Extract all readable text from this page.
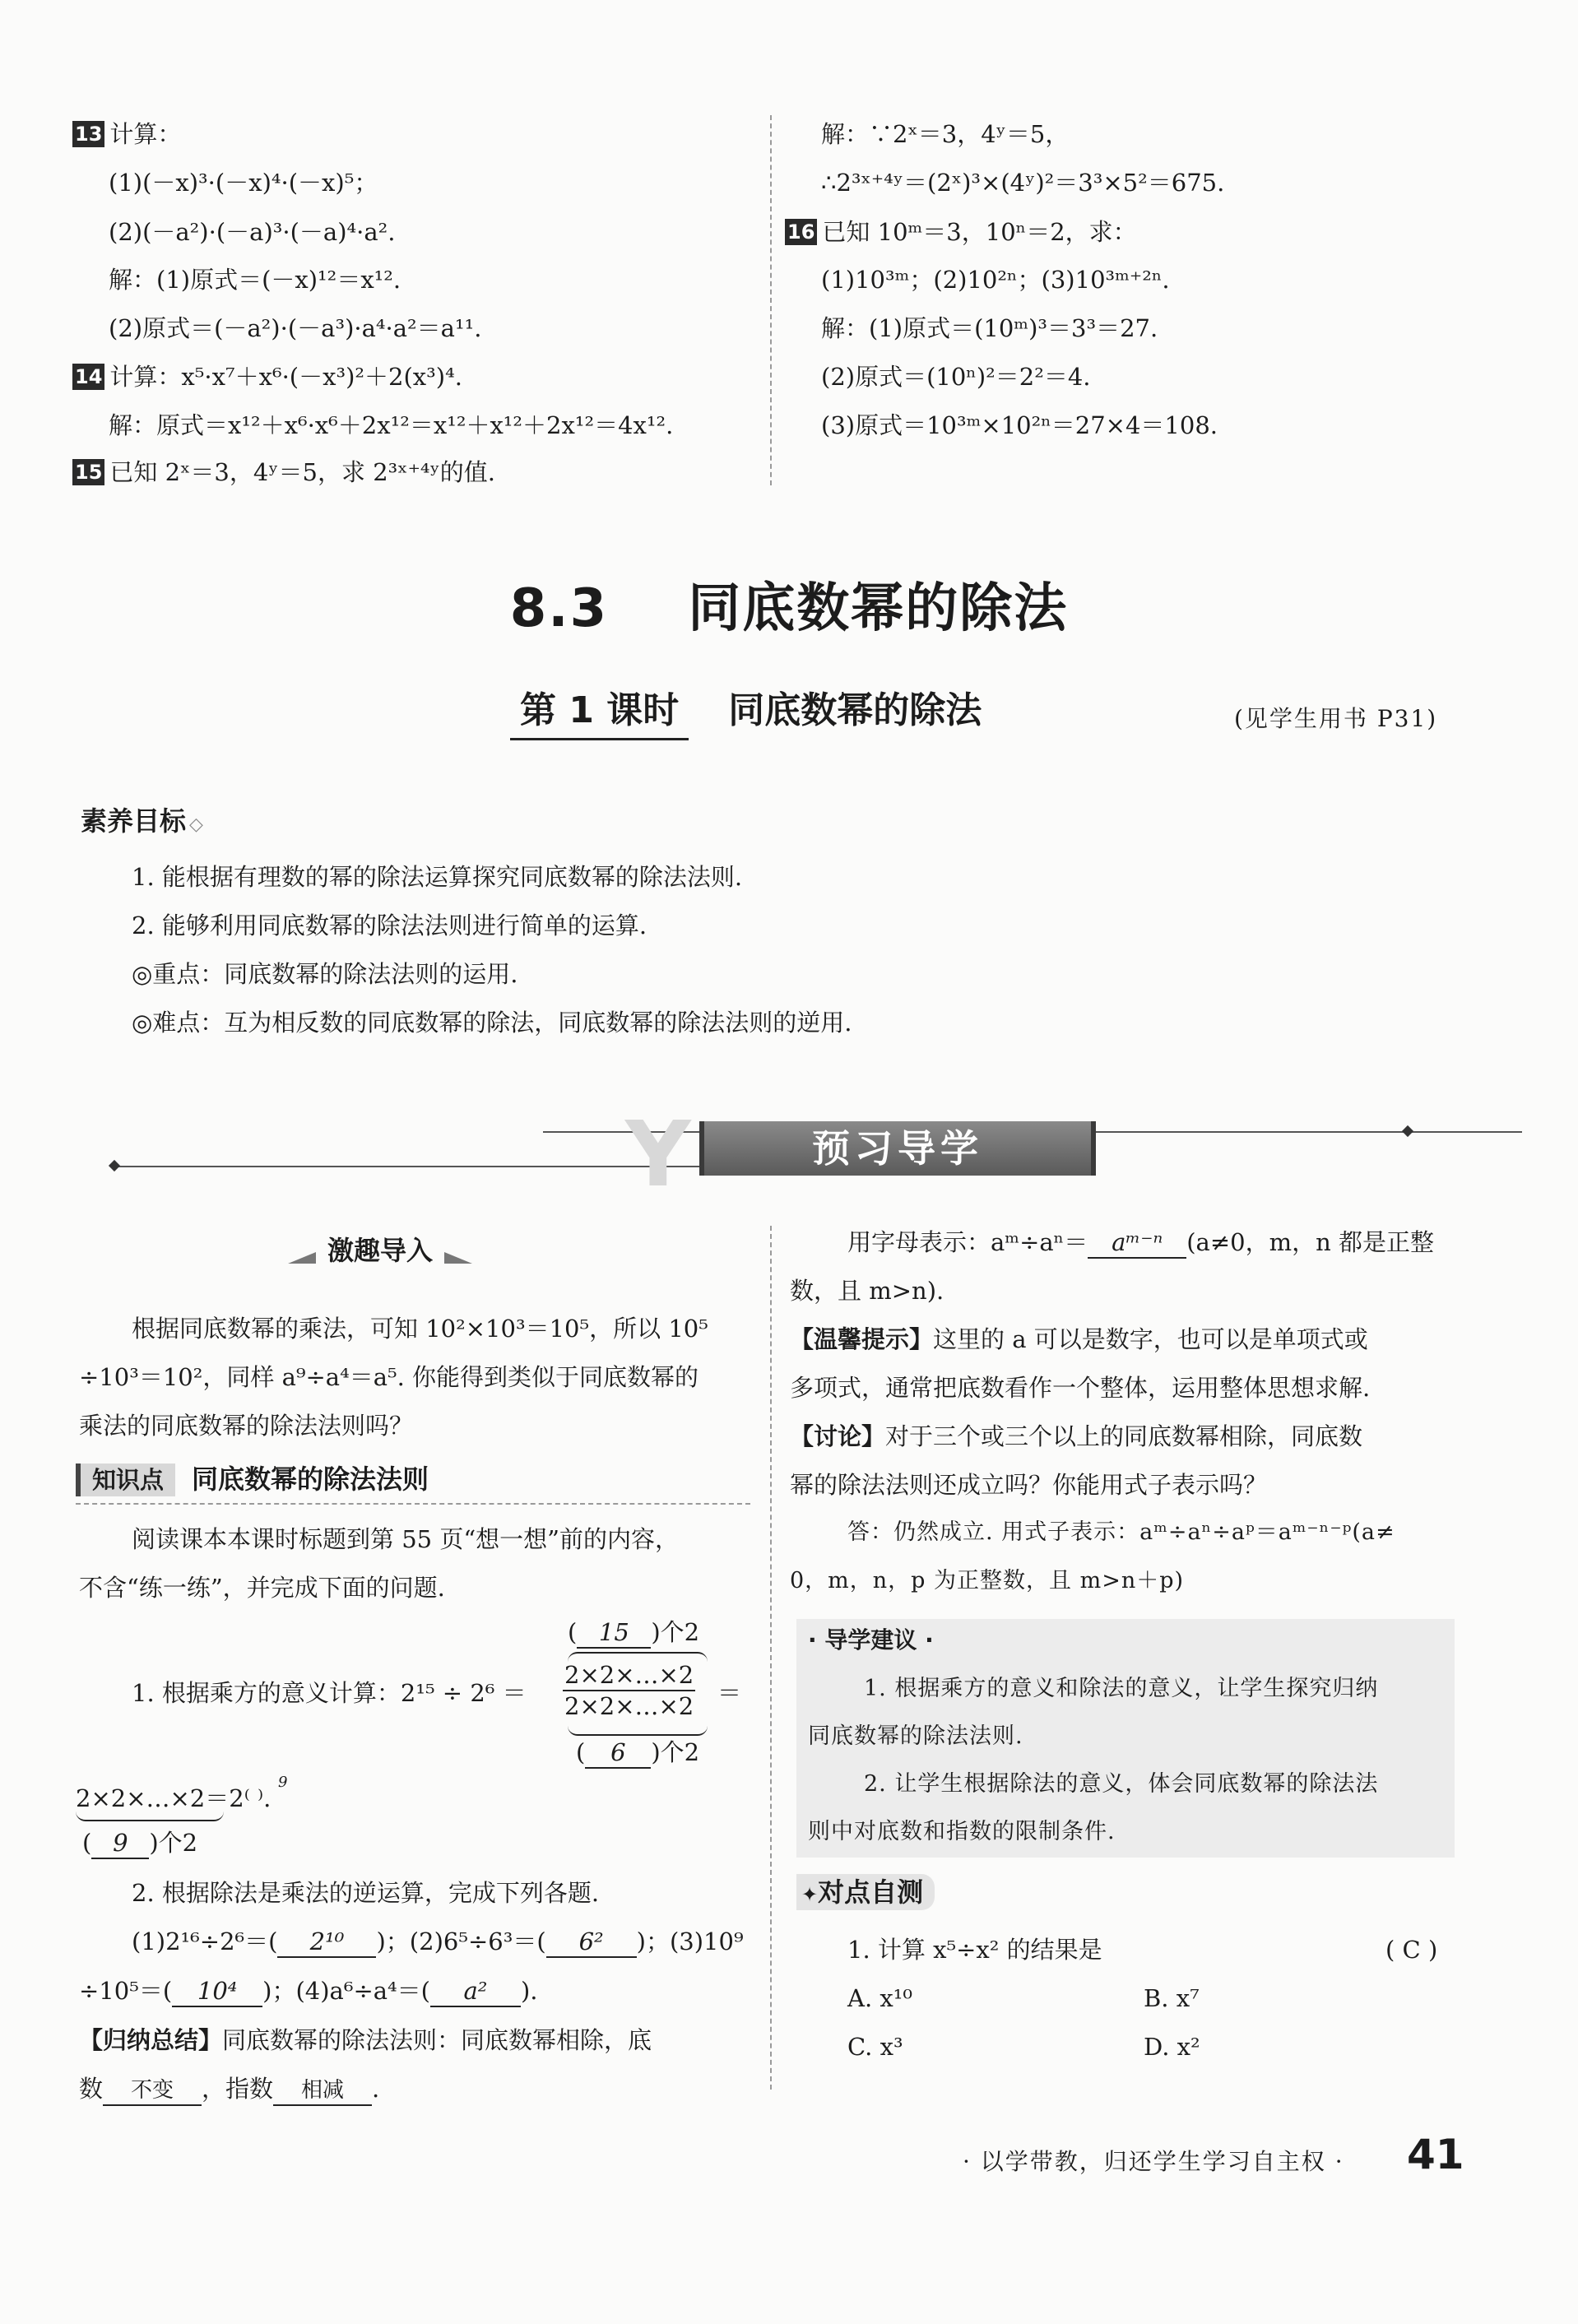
13 计算：
(1)(－x)³·(－x)⁴·(－x)⁵；
(2)(－a²)·(－a)³·(－a)⁴·a².
解：(1)原式＝(－x)¹²＝x¹².
(2)原式＝(－a²)·(－a³)·a⁴·a²＝a¹¹.
14 计算：x⁵·x⁷＋x⁶·(－x³)²＋2(x³)⁴.
解：原式＝x¹²＋x⁶·x⁶＋2x¹²＝x¹²＋x¹²＋2x¹²＝4x¹².
15 已知 2ˣ＝3，4ʸ＝5，求 2³ˣ⁺⁴ʸ的值.
解：∵2ˣ＝3，4ʸ＝5，
∴2³ˣ⁺⁴ʸ＝(2ˣ)³×(4ʸ)²＝3³×5²＝675.
16 已知 10ᵐ＝3，10ⁿ＝2，求：
(1)10³ᵐ；(2)10²ⁿ；(3)10³ᵐ⁺²ⁿ.
解：(1)原式＝(10ᵐ)³＝3³＝27.
(2)原式＝(10ⁿ)²＝2²＝4.
(3)原式＝10³ᵐ×10²ⁿ＝27×4＝108.
8.3 同底数幂的除法
第 1 课时 同底数幂的除法	(见学生用书 P31)
素养目标 ◇
1. 能根据有理数的幂的除法运算探究同底数幂的除法法则.
2. 能够利用同底数幂的除法法则进行简单的运算.
◎重点：同底数幂的除法法则的运用.
◎难点：互为相反数的同底数幂的除法，同底数幂的除法法则的逆用.
Y	预习导学
激趣导入
根据同底数幂的乘法，可知 10²×10³＝10⁵，所以 10⁵
÷10³＝10²，同样 a⁹÷a⁴＝a⁵. 你能得到类似于同底数幂的
乘法的同底数幂的除法法则吗？
知识点 同底数幂的除法法则
阅读课本本课时标题到第 55 页“想一想”前的内容，
不含“练一练”，并完成下面的问题.
( 15 )个2
1. 根据乘方的意义计算：$2^{15} \div 2^6 = \frac{2\times 2\times\dots\times 2}{2\times 2\times\dots\times 2}$ ＝
( 6 )个2
2×2×…×2＝2⁽ ⁾.
9
( 9 )个2
2. 根据除法是乘法的逆运算，完成下列各题.
(1)2¹⁶÷2⁶＝( 2¹⁰ )；(2)6⁵÷6³＝( 6² )；(3)10⁹
÷10⁵＝( 10⁴ )；(4)a⁶÷a⁴＝( a² ).
【归纳总结】同底数幂的除法法则：同底数幂相除，底
数 不变 ，指数 相减 .
用字母表示：aᵐ÷aⁿ＝ aᵐ⁻ⁿ (a≠0，m，n 都是正整
数，且 m>n).
【温馨提示】这里的 a 可以是数字，也可以是单项式或
多项式，通常把底数看作一个整体，运用整体思想求解.
【讨论】对于三个或三个以上的同底数幂相除，同底数
幂的除法法则还成立吗？你能用式子表示吗？
答：仍然成立. 用式子表示：aᵐ÷aⁿ÷aᵖ＝aᵐ⁻ⁿ⁻ᵖ(a≠
0，m，n，p 为正整数，且 m>n＋p)
· 导学建议 ·
1. 根据乘方的意义和除法的意义，让学生探究归纳
同底数幂的除法法则.
2. 让学生根据除法的意义，体会同底数幂的除法法
则中对底数和指数的限制条件.
✦对点自测
1. 计算 x⁵÷x² 的结果是	( C )
A. x¹⁰	B. x⁷
C. x³	D. x²
· 以学带教，归还学生学习自主权 · 41
